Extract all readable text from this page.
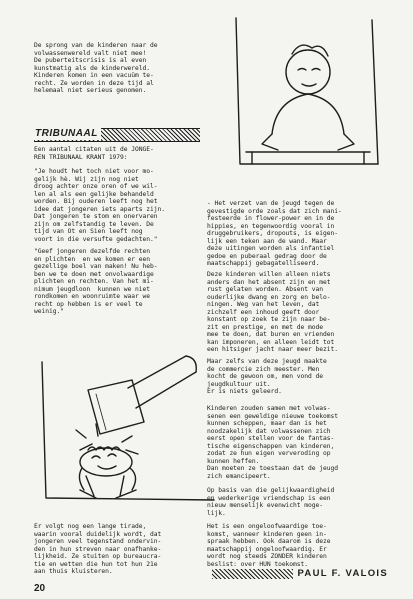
De sprong van de kinderen naar de
volwassenwereld valt niet mee!
De puberteitscrisis is al even
kunstmatig als de kinderwereld.
Kinderen komen in een vacuüm te-
recht. Ze worden in deze tijd al
helemaal niet serieus genomen.
TRIBUNAAL
Een aantal citaten uit de JONGE-
REN TRIBUNAAL KRANT 1979:
"Je houdt het toch niet voor mo-
gelijk hè. Wij zijn nog niet
droog achter onze oren of we wil-
len al als een gelijke behandeld
worden. Bij ouderen leeft nog het
idee dat jongeren iets aparts zijn.
Dat jongeren te stom en onervaren
zijn om zelfstandig te leven. De
tijd van Ot en Sien leeft nog
voort in die versufte gedachten."
"Geef jongeren dezelfde rechten
en plichten  en we komen er een
gezellige boel van maken! Nu heb-
ben we te doen met onvolwaardige
plichten en rechten. Van het mi-
nimum jeugdloon  kunnen we niet
rondkomen en woonruimte waar we
recht op hebben is er veel te
weinig."
Er volgt nog een lange tirade,
waarin vooral duidelijk wordt, dat
jongeren veel tegenstand ondervin-
den in hun streven naar onafhanke-
lijkheid. Ze stuiten op bureaucra-
tie en wetten die hun tot hun 21e
aan thuis kluisteren.
20
- Het verzet van de jeugd tegen de
gevestigde orde zoals dat zich mani-
festeerde in flower-power en in de
hippies, en tegenwoordig vooral in
druggebruikers, dropouts, is eigen-
lijk een teken aan de wand. Maar
deze uitingen worden als infantiel
gedoe en puberaal gedrag door de
maatschappij gebagatelliseerd.
Deze kinderen willen alleen niets
anders dan het absent zijn en met
rust gelaten worden. Absent van
ouderlijke dwang en zorg en belo-
ningen. Weg van het leven, dat
zichzelf een inhoud geeft door
konstant op zoek te zijn naar be-
zit en prestige, en met de mode
mee te doen, dat buren en vrienden
kan imponeren, en alleen leidt tot
een hitsiger jacht naar meer bezit.
Maar zelfs van deze jeugd maakte
de commercie zich meester. Men
kocht de gewoon om, men vond de
jeugdkultuur uit.
Er is niets geleerd.
Kinderen zouden samen met volwas-
senen een geweldige nieuwe toekomst
kunnen scheppen, maar dan is het
noodzakelijk dat volwassenen zich
eerst open stellen voor de fantas-
tische eigenschappen van kinderen,
zodat ze hun eigen ververoding op
kunnen heffen.
Dan moeten ze toestaan dat de jeugd
zich emancipeert.
Op basis van die gelijkwaardigheid
en wederkerige vriendschap is een
nieuw menselijk evenwicht moge-
lijk.
Het is een ongeloofwaardige toe-
komst, wanneer kinderen geen in-
spraak hebben. Ook daarom is deze
maatschappij ongeloofwaardig. Er
wordt nog steeds ZONDER kinderen
beslist: over HUN toekomst.
PAUL F. VALOIS
